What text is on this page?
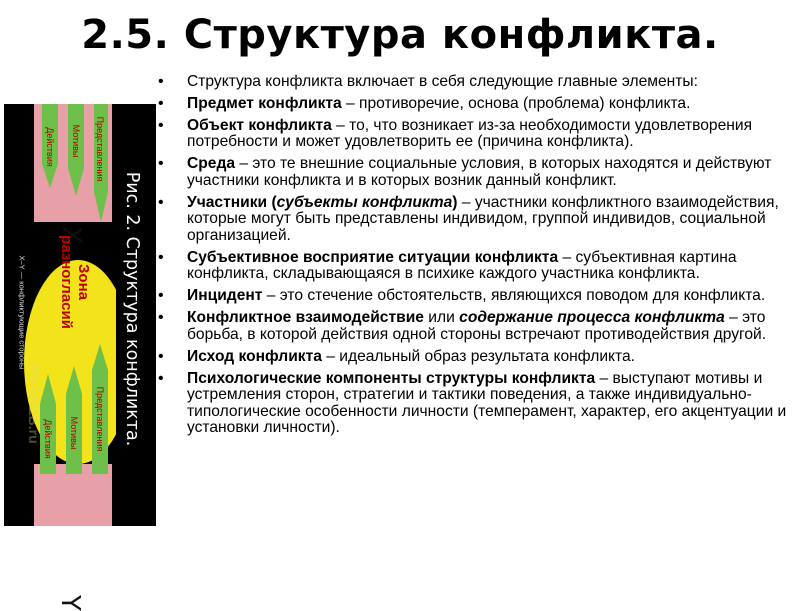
2.5. Структура конфликта.
Действия Мотивы Представления
Действия Мотивы Представления
X
Y
Зона разногласий
X–Y — конфликтующие стороны
PPt4WEB.ru	Рис. 2. Структура конфликта.
• Структура конфликта включает в себя следующие главные элементы:
• Предмет конфликта – противоречие, основа (проблема) конфликта.
• Объект конфликта – то, что возникает из-за необходимости удовлетворения потребности и может удовлетворить ее (причина конфликта).
• Среда – это те внешние социальные условия, в которых находятся и действуют участники конфликта и в которых возник данный конфликт.
• Участники (субъекты конфликта) – участники конфликтного взаимодействия, которые могут быть представлены индивидом, группой индивидов, социальной организацией.
• Субъективное восприятие ситуации конфликта – субъективная картина конфликта, складывающаяся в психике каждого участника конфликта.
• Инцидент – это стечение обстоятельств, являющихся поводом для конфликта.
• Конфликтное взаимодействие или содержание процесса конфликта – это борьба, в которой действия одной стороны встречают противодействия другой.
• Исход конфликта – идеальный образ результата конфликта.
• Психологические компоненты структуры конфликта – выступают мотивы и устремления сторон, стратегии и тактики поведения, а также индивидуально-типологические особенности личности (темперамент, характер, его акцентуации и установки личности).
